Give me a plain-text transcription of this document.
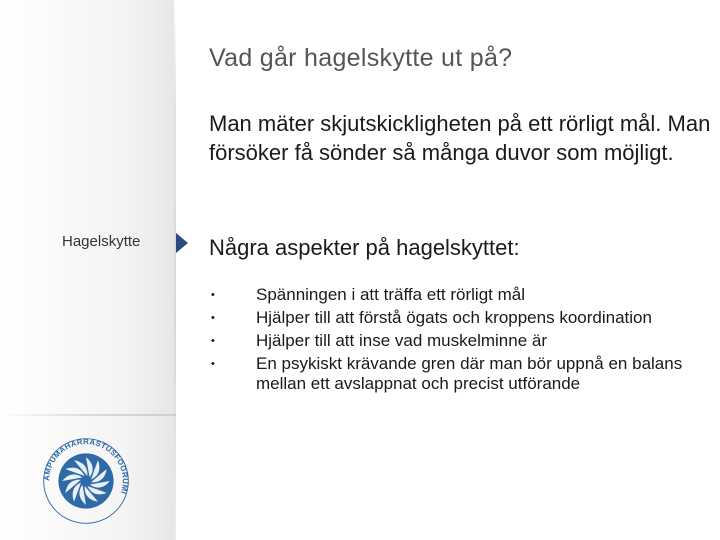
Vad går hagelskytte ut på?

Man mäter skjutskickligheten på ett rörligt mål. Man försöker få sönder så många duvor som möjligt.

Hagelskytte	Några aspekter på hagelskyttet:

• Spänningen i att träffa ett rörligt mål
• Hjälper till att förstå ögats och kroppens koordination
• Hjälper till att inse vad muskelminne är
• En psykiskt krävande gren där man bör uppnå en balans mellan ett avslappnat och precist utförande
AMPUMAHARRASTUSFOORUMI
